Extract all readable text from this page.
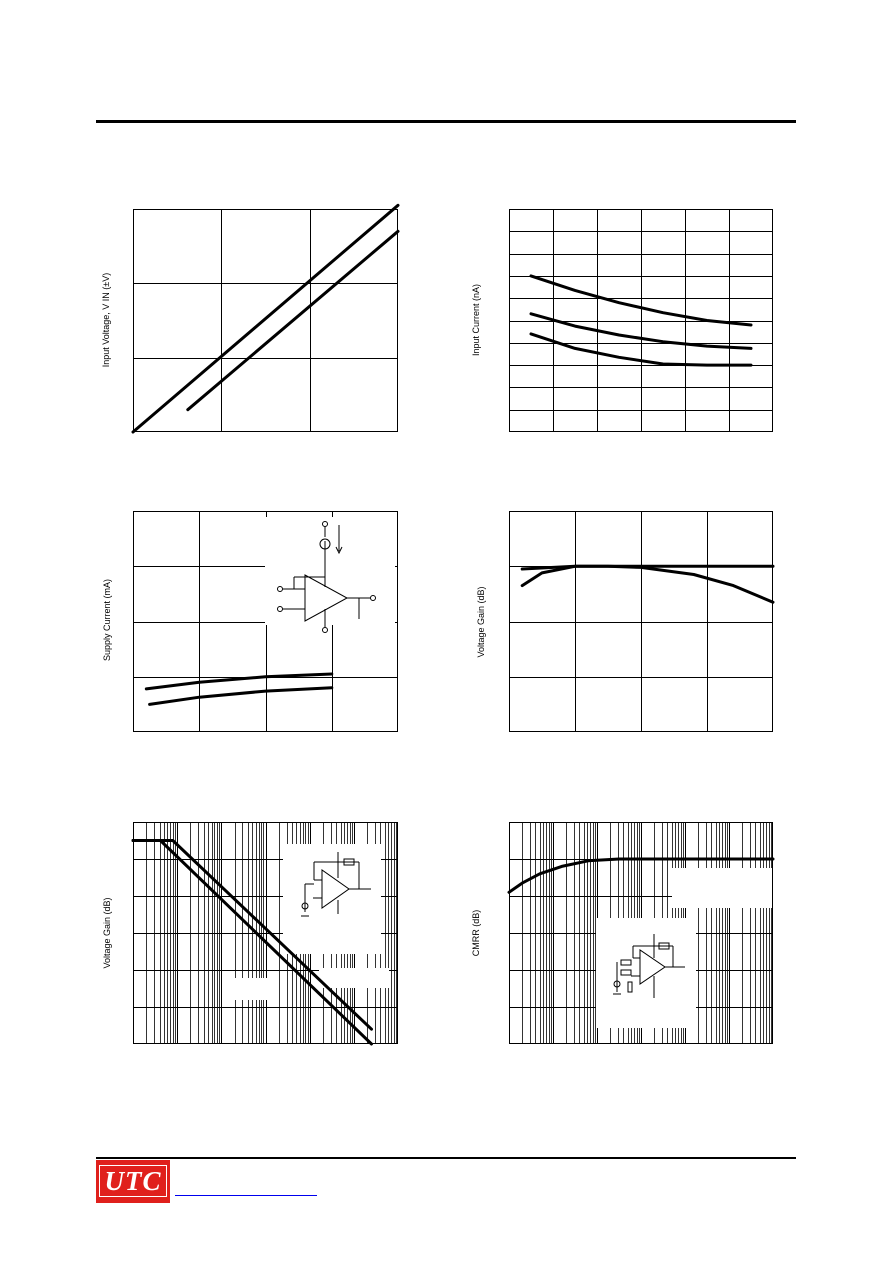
Input Voltage, V IN (±V)	Input Current (nA)
Supply Current (mA)	Voltage Gain (dB)
Voltage Gain (dB)	CMRR (dB)
UTC
